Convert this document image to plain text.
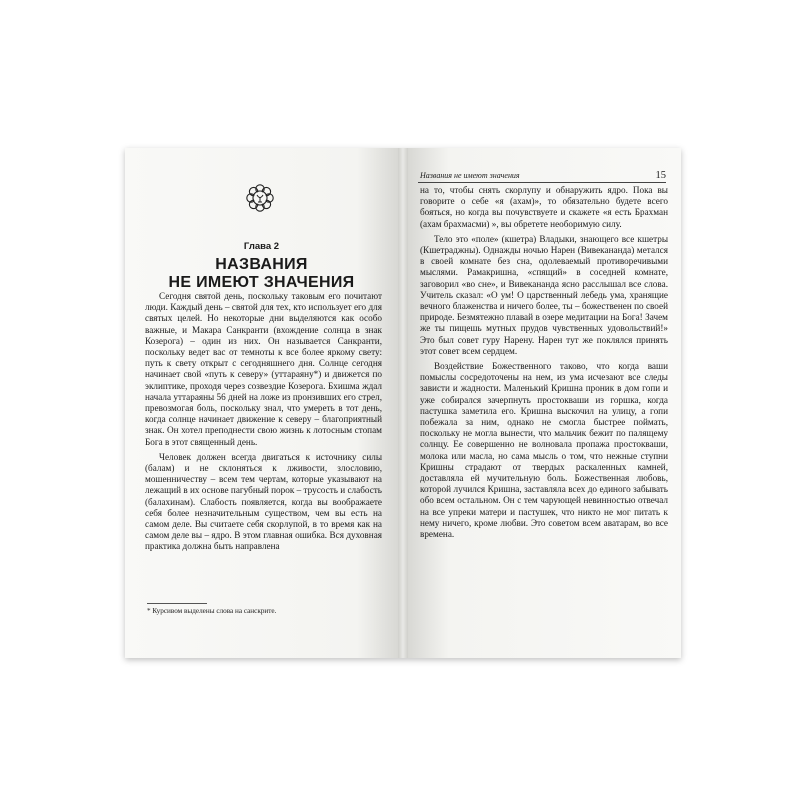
Глава 2
НАЗВАНИЯ
НЕ ИМЕЮТ ЗНАЧЕНИЯ

Сегодня святой день, поскольку таковым его почитают люди. Каждый день – святой для тех, кто использует его для святых целей. Но некоторые дни выделяются как особо важные, и Макара Санкранти (вхождение солнца в знак Козерога) – один из них. Он называется Санкранти, поскольку ведет вас от темноты к все более яркому свету: путь к свету открыт с сегодняшнего дня. Солнце сегодня начинает свой «путь к северу» (уттараяну*) и движется по эклиптике, проходя через созвездие Козерога. Бхишма ждал начала уттараяны 56 дней на ложе из пронзивших его стрел, превозмогая боль, поскольку знал, что умереть в тот день, когда солнце начинает движение к северу – благоприятный знак. Он хотел преподнести свою жизнь к лотосным стопам Бога в этот священный день.

Человек должен всегда двигаться к источнику силы (балам) и не склоняться к лживости, злословию, мошенничеству – всем тем чертам, которые указывают на лежащий в их основе пагубный порок – трусость и слабость (балахинам). Слабость появляется, когда вы воображаете себя более незначительным существом, чем вы есть на самом деле. Вы считаете себя скорлупой, в то время как на самом деле вы – ядро. В этом главная ошибка. Вся духовная практика должна быть направлена

* Курсивом выделены слова на санскрите.
Названия не имеют значения	15

на то, чтобы снять скорлупу и обнаружить ядро. Пока вы говорите о себе «я (ахам)», то обязательно будете всего бояться, но когда вы почувствуете и скажете «я есть Брахман (ахам брахмасми) », вы обретете необоримую силу.

Тело это «поле» (кшетра) Владыки, знающего все кшетры (Кшетраджны). Однажды ночью Нарен (Вивекананда) метался в своей комнате без сна, одолеваемый противоречивыми мыслями. Рамакришна, «спящий» в соседней комнате, заговорил «во сне», и Вивекананда ясно расслышал все слова. Учитель сказал: «О ум! О царственный лебедь ума, хранящие вечного блаженства и ничего более, ты – божественен по своей природе. Безмятежно плавай в озере медитации на Бога! Зачем же ты пищешь мутных прудов чувственных удовольствий!» Это был совет гуру Нарену. Нарен тут же поклялся принять этот совет всем сердцем.

Воздействие Божественного таково, что когда ваши помыслы сосредоточены на нем, из ума исчезают все следы зависти и жадности. Маленький Кришна проник в дом гопи и уже собирался зачерпнуть простокваши из горшка, когда пастушка заметила его. Кришна выскочил на улицу, а гопи побежала за ним, однако не смогла быстрее поймать, поскольку не могла вынести, что мальчик бежит по палящему солнцу. Ее совершенно не волновала пропажа простокваши, молока или масла, но сама мысль о том, что нежные ступни Кришны страдают от твердых раскаленных камней, доставляла ей мучительную боль. Божественная любовь, которой лучился Кришна, заставляла всех до единого забывать обо всем остальном. Он с тем чарующей невинностью отвечал на все упреки матери и пастушек, что никто не мог питать к нему ничего, кроме любви. Это советом всем аватарам, во все времена.
